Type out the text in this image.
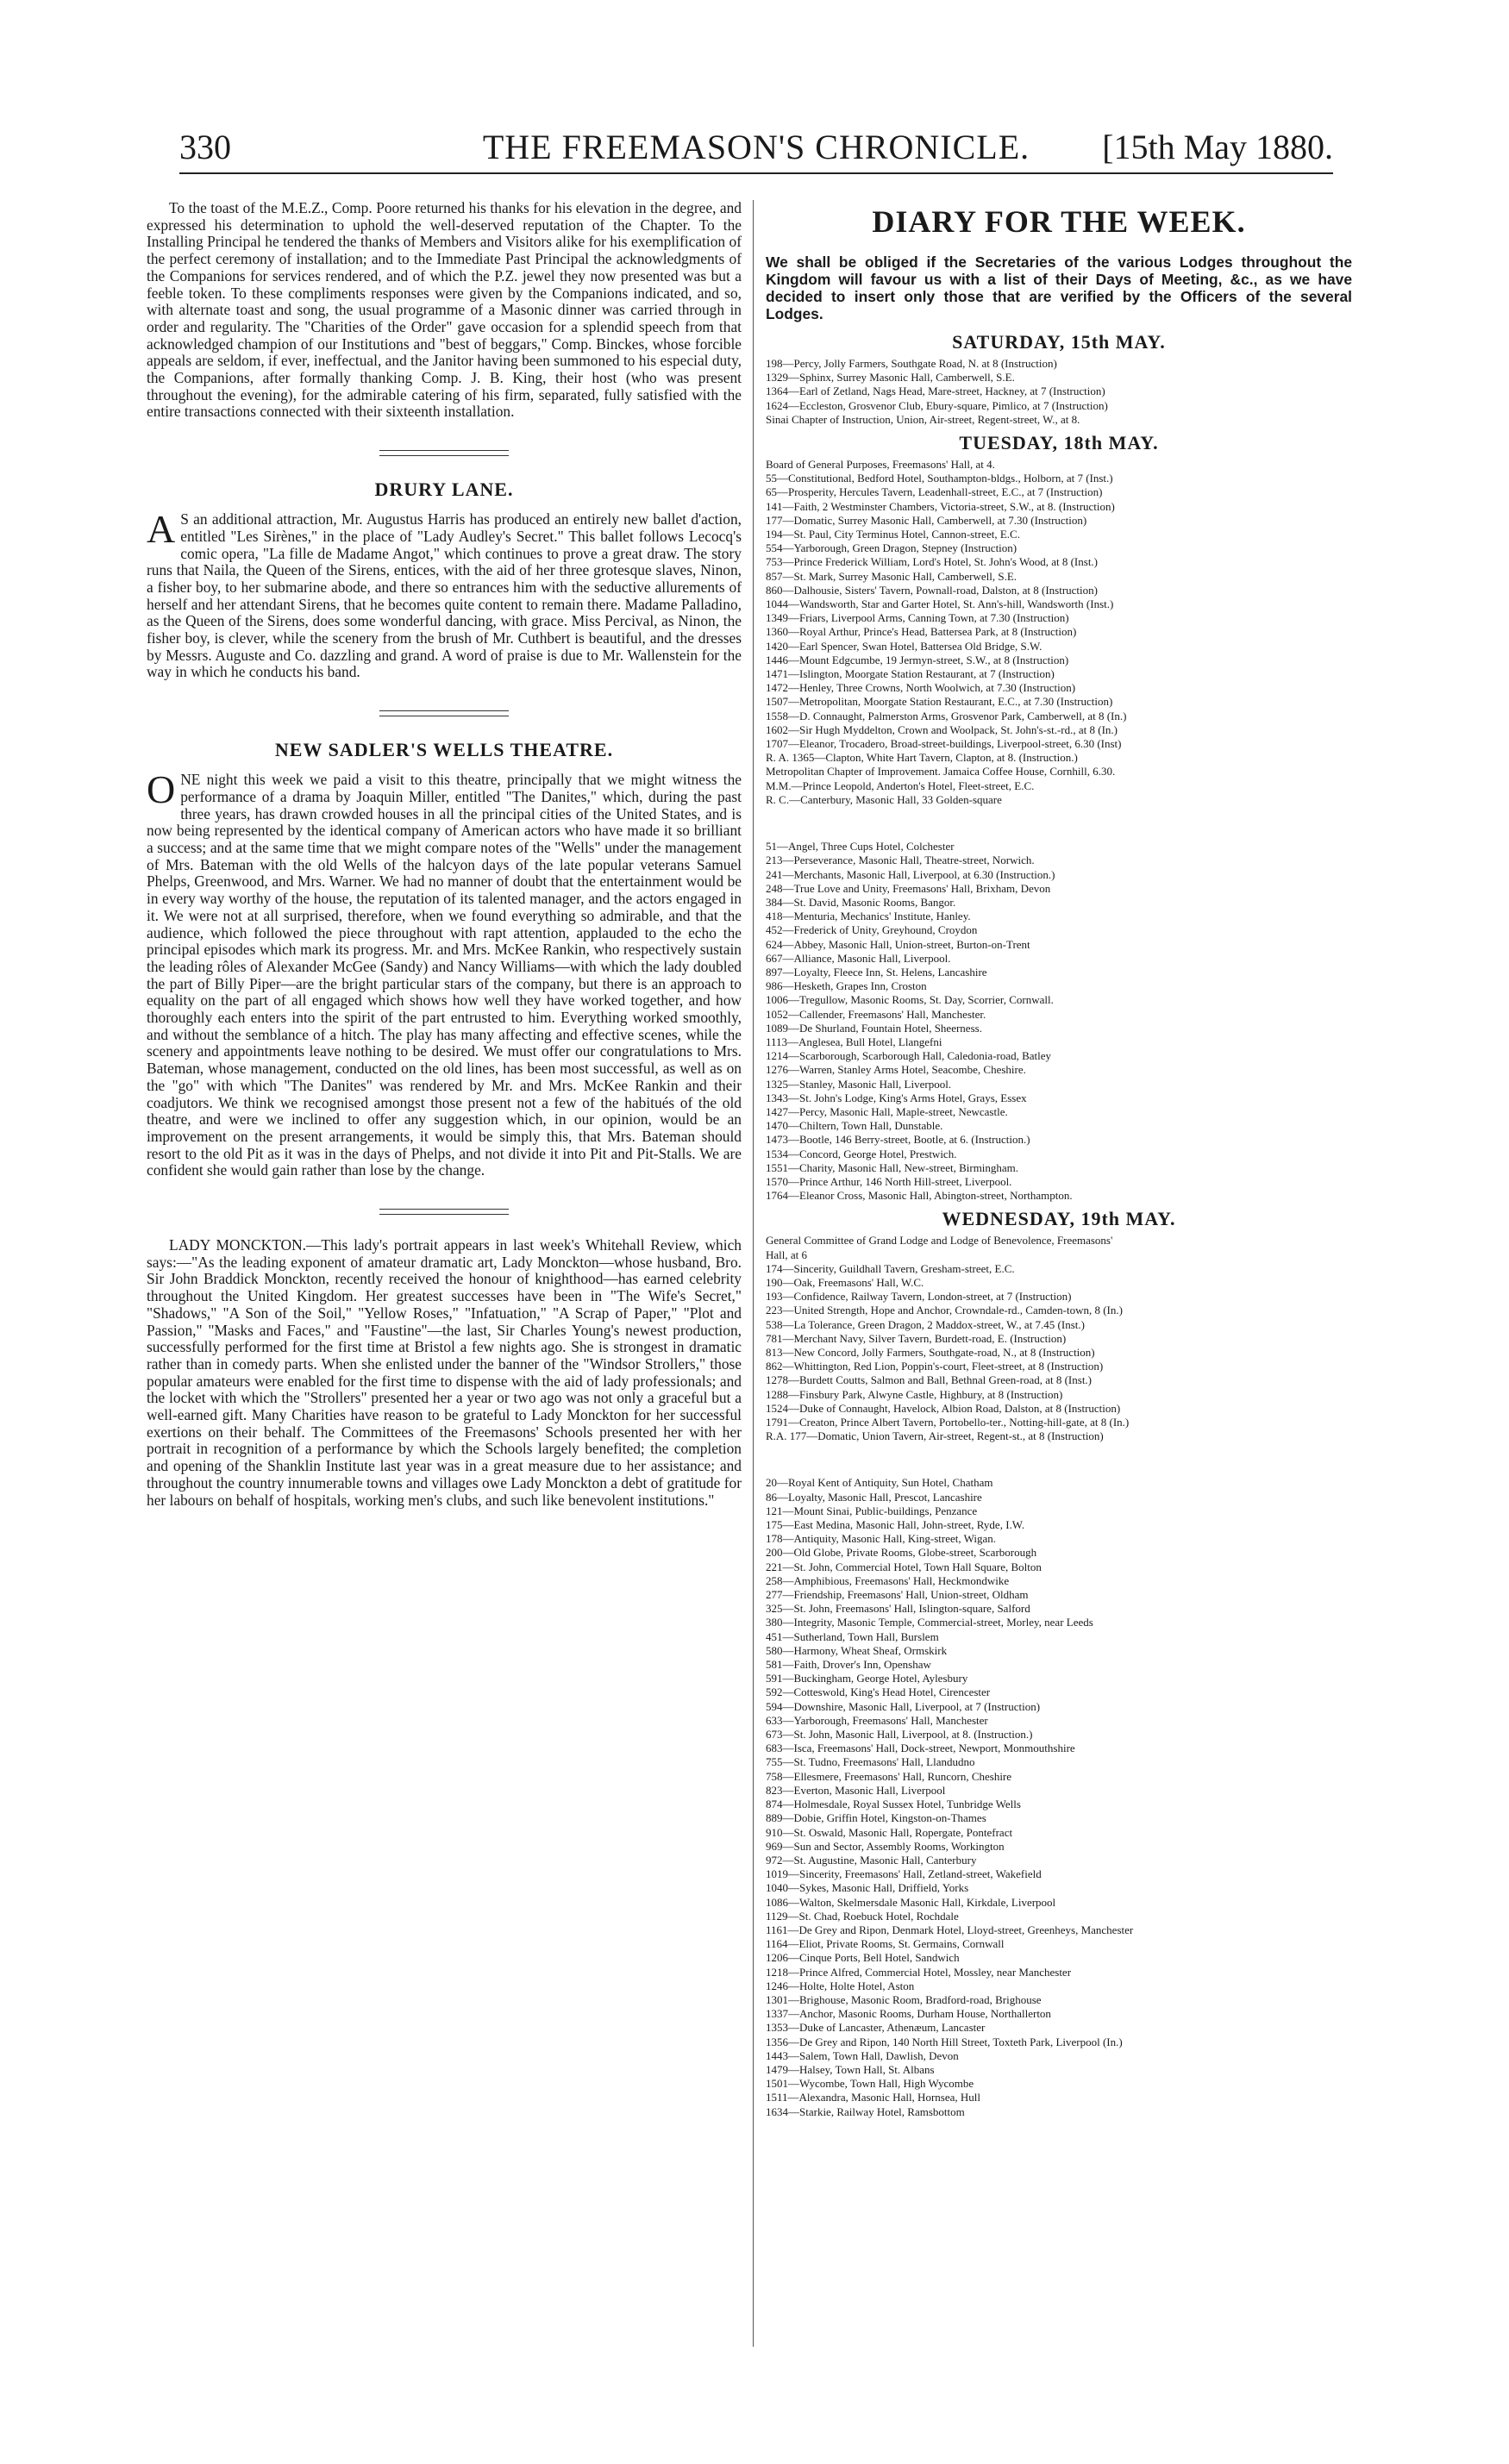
330	THE FREEMASON'S CHRONICLE.	[15th May 1880.

To the toast of the M.E.Z., Comp. Poore returned his thanks for his elevation in the degree, and expressed his determination to uphold the well-deserved reputation of the Chapter. To the Installing Principal he tendered the thanks of Members and Visitors alike for his exemplification of the perfect ceremony of installation; and to the Immediate Past Principal the acknowledgments of the Companions for services rendered, and of which the P.Z. jewel they now presented was but a feeble token. To these compliments responses were given by the Companions indicated, and so, with alternate toast and song, the usual programme of a Masonic dinner was carried through in order and regularity. The "Charities of the Order" gave occasion for a splendid speech from that acknowledged champion of our Institutions and "best of beggars," Comp. Binckes, whose forcible appeals are seldom, if ever, ineffectual, and the Janitor having been summoned to his especial duty, the Companions, after formally thanking Comp. J. B. King, their host (who was present throughout the evening), for the admirable catering of his firm, separated, fully satisfied with the entire transactions connected with their sixteenth installation.

DRURY LANE.

A S an additional attraction, Mr. Augustus Harris has produced an entirely new ballet d'action, entitled "Les Sirènes," in the place of "Lady Audley's Secret." This ballet follows Lecocq's comic opera, "La fille de Madame Angot," which continues to prove a great draw. The story runs that Naila, the Queen of the Sirens, entices, with the aid of her three grotesque slaves, Ninon, a fisher boy, to her submarine abode, and there so entrances him with the seductive allurements of herself and her attendant Sirens, that he becomes quite content to remain there. Madame Palladino, as the Queen of the Sirens, does some wonderful dancing, with grace. Miss Percival, as Ninon, the fisher boy, is clever, while the scenery from the brush of Mr. Cuthbert is beautiful, and the dresses by Messrs. Auguste and Co. dazzling and grand. A word of praise is due to Mr. Wallenstein for the way in which he conducts his band.

NEW SADLER'S WELLS THEATRE.

ONE night this week we paid a visit to this theatre, principally that we might witness the performance of a drama by Joaquin Miller, entitled "The Danites," which, during the past three years, has drawn crowded houses in all the principal cities of the United States, and is now being represented by the identical company of American actors who have made it so brilliant a success; and at the same time that we might compare notes of the "Wells" under the management of Mrs. Bateman with the old Wells of the halcyon days of the late popular veterans Samuel Phelps, Greenwood, and Mrs. Warner. We had no manner of doubt that the entertainment would be in every way worthy of the house, the reputation of its talented manager, and the actors engaged in it. We were not at all surprised, therefore, when we found everything so admirable, and that the audience, which followed the piece throughout with rapt attention, applauded to the echo the principal episodes which mark its progress. Mr. and Mrs. McKee Rankin, who respectively sustain the leading rôles of Alexander McGee (Sandy) and Nancy Williams—with which the lady doubled the part of Billy Piper—are the bright particular stars of the company, but there is an approach to equality on the part of all engaged which shows how well they have worked together, and how thoroughly each enters into the spirit of the part entrusted to him. Everything worked smoothly, and without the semblance of a hitch. The play has many affecting and effective scenes, while the scenery and appointments leave nothing to be desired. We must offer our congratulations to Mrs. Bateman, whose management, conducted on the old lines, has been most successful, as well as on the "go" with which "The Danites" was rendered by Mr. and Mrs. McKee Rankin and their coadjutors. We think we recognised amongst those present not a few of the habitués of the old theatre, and were we inclined to offer any suggestion which, in our opinion, would be an improvement on the present arrangements, it would be simply this, that Mrs. Bateman should resort to the old Pit as it was in the days of Phelps, and not divide it into Pit and Pit-Stalls. We are confident she would gain rather than lose by the change.

LADY MONCKTON.—This lady's portrait appears in last week's Whitehall Review, which says:—"As the leading exponent of amateur dramatic art, Lady Monckton—whose husband, Bro. Sir John Braddick Monckton, recently received the honour of knighthood—has earned celebrity throughout the United Kingdom. Her greatest successes have been in "The Wife's Secret," "Shadows," "A Son of the Soil," "Yellow Roses," "Infatuation," "A Scrap of Paper," "Plot and Passion," "Masks and Faces," and "Faustine"—the last, Sir Charles Young's newest production, successfully performed for the first time at Bristol a few nights ago. She is strongest in dramatic rather than in comedy parts. When she enlisted under the banner of the "Windsor Strollers," those popular amateurs were enabled for the first time to dispense with the aid of lady professionals; and the locket with which the "Strollers" presented her a year or two ago was not only a graceful but a well-earned gift. Many Charities have reason to be grateful to Lady Monckton for her successful exertions on their behalf. The Committees of the Freemasons' Schools presented her with her portrait in recognition of a performance by which the Schools largely benefited; the completion and opening of the Shanklin Institute last year was in a great measure due to her assistance; and throughout the country innumerable towns and villages owe Lady Monckton a debt of gratitude for her labours on behalf of hospitals, working men's clubs, and such like benevolent institutions."

DIARY FOR THE WEEK.

We shall be obliged if the Secretaries of the various Lodges throughout the Kingdom will favour us with a list of their Days of Meeting, &c., as we have decided to insert only those that are verified by the Officers of the several Lodges.

SATURDAY, 15th MAY.

198—Percy, Jolly Farmers, Southgate Road, N. at 8 (Instruction)

1329—Sphinx, Surrey Masonic Hall, Camberwell, S.E.

1364—Earl of Zetland, Nags Head, Mare-street, Hackney, at 7 (Instruction)

1624—Eccleston, Grosvenor Club, Ebury-square, Pimlico, at 7 (Instruction)

Sinai Chapter of Instruction, Union, Air-street, Regent-street, W., at 8.

TUESDAY, 18th MAY.

Board of General Purposes, Freemasons' Hall, at 4.

55—Constitutional, Bedford Hotel, Southampton-bldgs., Holborn, at 7 (Inst.)

65—Prosperity, Hercules Tavern, Leadenhall-street, E.C., at 7 (Instruction)

141—Faith, 2 Westminster Chambers, Victoria-street, S.W., at 8. (Instruction)

177—Domatic, Surrey Masonic Hall, Camberwell, at 7.30 (Instruction)

194—St. Paul, City Terminus Hotel, Cannon-street, E.C.

554—Yarborough, Green Dragon, Stepney (Instruction)

753—Prince Frederick William, Lord's Hotel, St. John's Wood, at 8 (Inst.)

857—St. Mark, Surrey Masonic Hall, Camberwell, S.E.

860—Dalhousie, Sisters' Tavern, Pownall-road, Dalston, at 8 (Instruction)

1044—Wandsworth, Star and Garter Hotel, St. Ann's-hill, Wandsworth (Inst.)

1349—Friars, Liverpool Arms, Canning Town, at 7.30 (Instruction)

1360—Royal Arthur, Prince's Head, Battersea Park, at 8 (Instruction)

1420—Earl Spencer, Swan Hotel, Battersea Old Bridge, S.W.

1446—Mount Edgcumbe, 19 Jermyn-street, S.W., at 8 (Instruction)

1471—Islington, Moorgate Station Restaurant, at 7 (Instruction)

1472—Henley, Three Crowns, North Woolwich, at 7.30 (Instruction)

1507—Metropolitan, Moorgate Station Restaurant, E.C., at 7.30 (Instruction)

1558—D. Connaught, Palmerston Arms, Grosvenor Park, Camberwell, at 8 (In.)

1602—Sir Hugh Myddelton, Crown and Woolpack, St. John's-st.-rd., at 8 (In.)

1707—Eleanor, Trocadero, Broad-street-buildings, Liverpool-street, 6.30 (Inst)

R. A. 1365—Clapton, White Hart Tavern, Clapton, at 8. (Instruction.)

Metropolitan Chapter of Improvement. Jamaica Coffee House, Cornhill, 6.30.

M.M.—Prince Leopold, Anderton's Hotel, Fleet-street, E.C.

R. C.—Canterbury, Masonic Hall, 33 Golden-square

51—Angel, Three Cups Hotel, Colchester

213—Perseverance, Masonic Hall, Theatre-street, Norwich.

241—Merchants, Masonic Hall, Liverpool, at 6.30 (Instruction.)

248—True Love and Unity, Freemasons' Hall, Brixham, Devon

384—St. David, Masonic Rooms, Bangor.

418—Menturia, Mechanics' Institute, Hanley.

452—Frederick of Unity, Greyhound, Croydon

624—Abbey, Masonic Hall, Union-street, Burton-on-Trent

667—Alliance, Masonic Hall, Liverpool.

897—Loyalty, Fleece Inn, St. Helens, Lancashire

986—Hesketh, Grapes Inn, Croston

1006—Tregullow, Masonic Rooms, St. Day, Scorrier, Cornwall.

1052—Callender, Freemasons' Hall, Manchester.

1089—De Shurland, Fountain Hotel, Sheerness.

1113—Anglesea, Bull Hotel, Llangefni

1214—Scarborough, Scarborough Hall, Caledonia-road, Batley

1276—Warren, Stanley Arms Hotel, Seacombe, Cheshire.

1325—Stanley, Masonic Hall, Liverpool.

1343—St. John's Lodge, King's Arms Hotel, Grays, Essex

1427—Percy, Masonic Hall, Maple-street, Newcastle.

1470—Chiltern, Town Hall, Dunstable.

1473—Bootle, 146 Berry-street, Bootle, at 6. (Instruction.)

1534—Concord, George Hotel, Prestwich.

1551—Charity, Masonic Hall, New-street, Birmingham.

1570—Prince Arthur, 146 North Hill-street, Liverpool.

1764—Eleanor Cross, Masonic Hall, Abington-street, Northampton.

WEDNESDAY, 19th MAY.

General Committee of Grand Lodge and Lodge of Benevolence, Freemasons'

Hall, at 6

174—Sincerity, Guildhall Tavern, Gresham-street, E.C.

190—Oak, Freemasons' Hall, W.C.

193—Confidence, Railway Tavern, London-street, at 7 (Instruction)

223—United Strength, Hope and Anchor, Crowndale-rd., Camden-town, 8 (In.)

538—La Tolerance, Green Dragon, 2 Maddox-street, W., at 7.45 (Inst.)

781—Merchant Navy, Silver Tavern, Burdett-road, E. (Instruction)

813—New Concord, Jolly Farmers, Southgate-road, N., at 8 (Instruction)

862—Whittington, Red Lion, Poppin's-court, Fleet-street, at 8 (Instruction)

1278—Burdett Coutts, Salmon and Ball, Bethnal Green-road, at 8 (Inst.)

1288—Finsbury Park, Alwyne Castle, Highbury, at 8 (Instruction)

1524—Duke of Connaught, Havelock, Albion Road, Dalston, at 8 (Instruction)

1791—Creaton, Prince Albert Tavern, Portobello-ter., Notting-hill-gate, at 8 (In.)

R.A. 177—Domatic, Union Tavern, Air-street, Regent-st., at 8 (Instruction)

20—Royal Kent of Antiquity, Sun Hotel, Chatham

86—Loyalty, Masonic Hall, Prescot, Lancashire

121—Mount Sinai, Public-buildings, Penzance

175—East Medina, Masonic Hall, John-street, Ryde, I.W.

178—Antiquity, Masonic Hall, King-street, Wigan.

200—Old Globe, Private Rooms, Globe-street, Scarborough

221—St. John, Commercial Hotel, Town Hall Square, Bolton

258—Amphibious, Freemasons' Hall, Heckmondwike

277—Friendship, Freemasons' Hall, Union-street, Oldham

325—St. John, Freemasons' Hall, Islington-square, Salford

380—Integrity, Masonic Temple, Commercial-street, Morley, near Leeds

451—Sutherland, Town Hall, Burslem

580—Harmony, Wheat Sheaf, Ormskirk

581—Faith, Drover's Inn, Openshaw

591—Buckingham, George Hotel, Aylesbury

592—Cotteswold, King's Head Hotel, Cirencester

594—Downshire, Masonic Hall, Liverpool, at 7 (Instruction)

633—Yarborough, Freemasons' Hall, Manchester

673—St. John, Masonic Hall, Liverpool, at 8. (Instruction.)

683—Isca, Freemasons' Hall, Dock-street, Newport, Monmouthshire

755—St. Tudno, Freemasons' Hall, Llandudno

758—Ellesmere, Freemasons' Hall, Runcorn, Cheshire

823—Everton, Masonic Hall, Liverpool

874—Holmesdale, Royal Sussex Hotel, Tunbridge Wells

889—Dobie, Griffin Hotel, Kingston-on-Thames

910—St. Oswald, Masonic Hall, Ropergate, Pontefract

969—Sun and Sector, Assembly Rooms, Workington

972—St. Augustine, Masonic Hall, Canterbury

1019—Sincerity, Freemasons' Hall, Zetland-street, Wakefield

1040—Sykes, Masonic Hall, Driffield, Yorks

1086—Walton, Skelmersdale Masonic Hall, Kirkdale, Liverpool

1129—St. Chad, Roebuck Hotel, Rochdale

1161—De Grey and Ripon, Denmark Hotel, Lloyd-street, Greenheys, Manchester

1164—Eliot, Private Rooms, St. Germains, Cornwall

1206—Cinque Ports, Bell Hotel, Sandwich

1218—Prince Alfred, Commercial Hotel, Mossley, near Manchester

1246—Holte, Holte Hotel, Aston

1301—Brighouse, Masonic Room, Bradford-road, Brighouse

1337—Anchor, Masonic Rooms, Durham House, Northallerton

1353—Duke of Lancaster, Athenæum, Lancaster

1356—De Grey and Ripon, 140 North Hill Street, Toxteth Park, Liverpool (In.)

1443—Salem, Town Hall, Dawlish, Devon

1479—Halsey, Town Hall, St. Albans

1501—Wycombe, Town Hall, High Wycombe

1511—Alexandra, Masonic Hall, Hornsea, Hull

1634—Starkie, Railway Hotel, Ramsbottom
